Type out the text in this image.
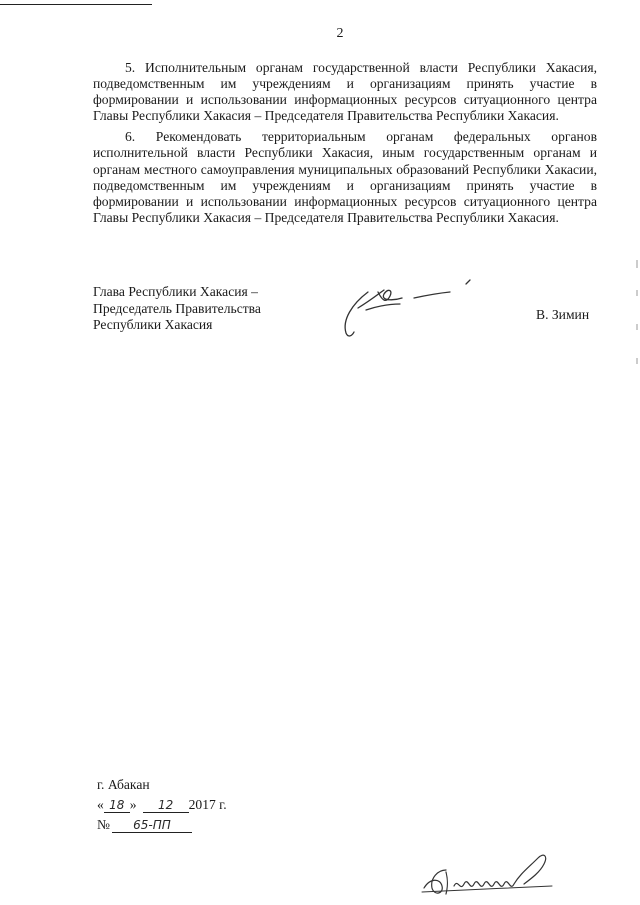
2

5. Исполнительным органам государственной власти Республики Хакасия, подведомственным им учреждениям и организациям принять участие в формировании и использовании информационных ресурсов ситуационного центра Главы Республики Хакасия – Председателя Правительства Республики Хакасия.

6. Рекомендовать территориальным органам федеральных органов исполнительной власти Республики Хакасия, иным государственным органам и органам местного самоуправления муниципальных образований Республики Хакасии, подведомственным им учреждениям и организациям принять участие в формировании и использовании информационных ресурсов ситуационного центра Главы Республики Хакасия – Председателя Правительства Республики Хакасия.

Глава Республики Хакасия –
Председатель Правительства
Республики Хакасия
В. Зимин
г. Абакан
« 18 » 12 2017 г.
№ 65-ПП
